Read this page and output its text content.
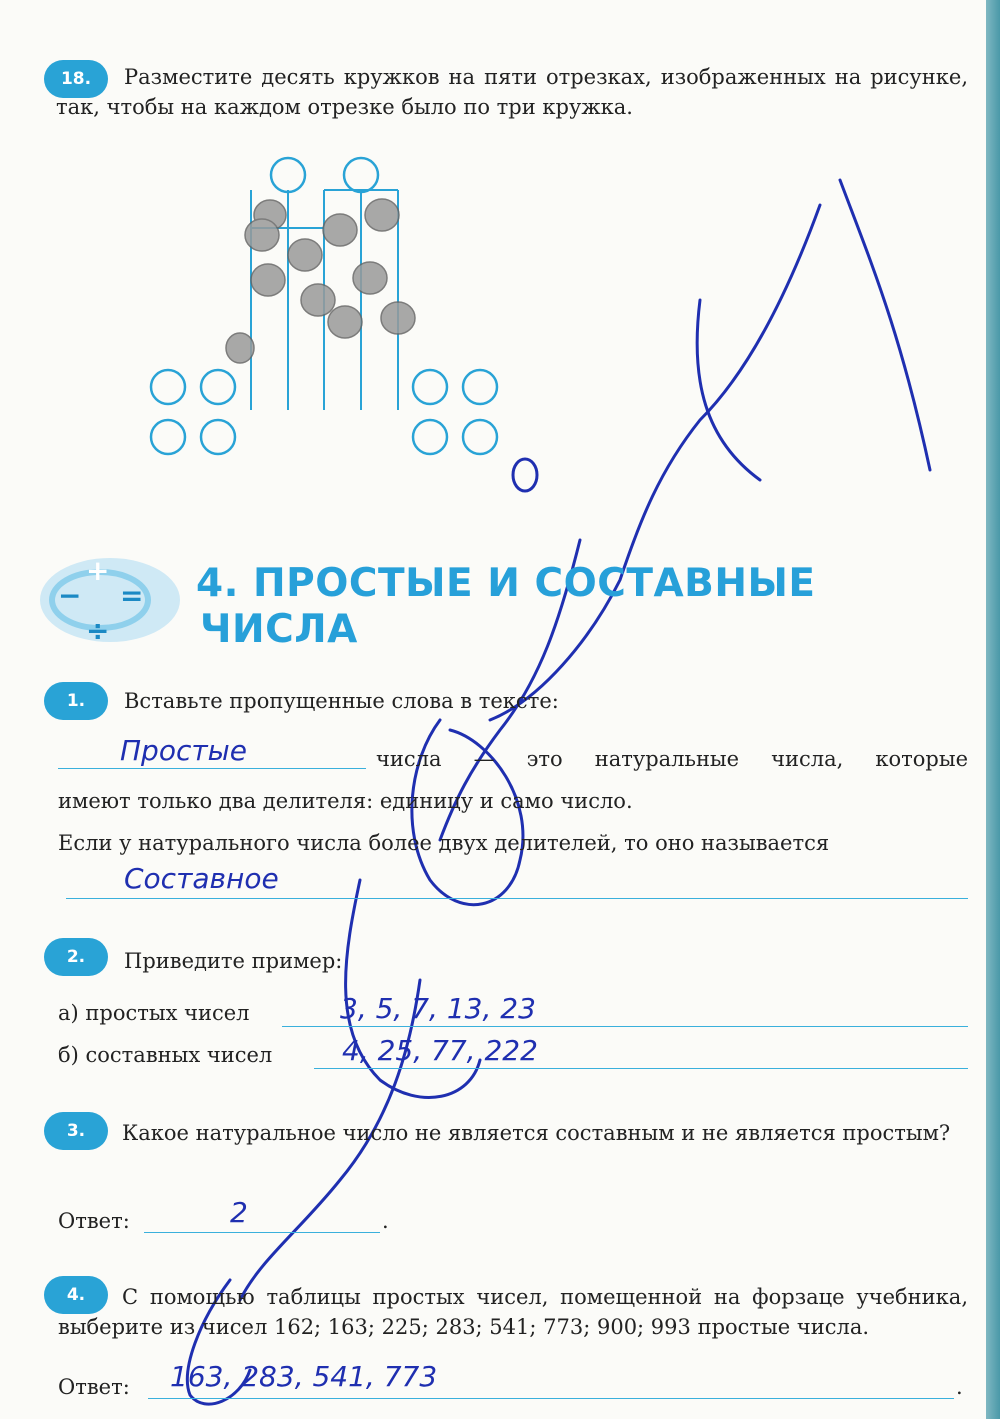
18.	Разместите десять кружков на пяти отрезках, изображенных на рисунке, так, чтобы на каждом отрезке было по три кружка.
+
− =
÷
4. ПРОСТЫЕ И СОСТАВНЫЕ
ЧИСЛА
1.	Вставьте пропущенные слова в тексте:
Простые	числа — это натуральные числа, которые
имеют только два делителя: единицу и само число.
Если у натурального числа более двух делителей, то оно называется
Составное
2.	Приведите пример:
а) простых чисел	3, 5, 7, 13, 23
б) составных чисел 4, 25, 77, 222
3.	Какое натуральное число не является составным и не является простым?
Ответ:	2	.
4.	С помощью таблицы простых чисел, помещенной на форзаце учебника, выберите из чисел 162; 163; 225; 283; 541; 773; 900; 993 простые числа.
Ответ: 163, 283, 541, 773	.
